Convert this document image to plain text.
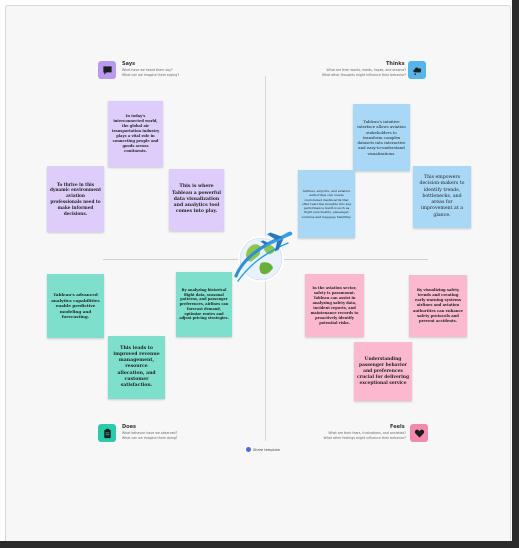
Says
What have we heard them say?
What can we imagine them saying?
Thinks
What are their wants, needs, hopes, and dreams?
What other thoughts might influence their behavior?
Does
What behavior have we observed?
What can we imagine them doing?
Feels
What are their fears, frustrations, and anxieties?
What other feelings might influence their behavior?
In today's interconnected world, the global air transportation industry plays a vital role in connecting people and goods across continents.
To thrive in this dynamic environment aviation professionals need to make informed decisions.
This is where Tableau a powerful data visualization and analytics tool comes into play.
Tableau's intuitive interface allows aviation stakeholders to transform complex datasets into interactive and easy-to-understand visualizations.
Airlines, airports, and aviation authorities can create customized dashboards that offer real-time insights into key performance metrics such as flight punctuality, passenger volumes and baggage handling.
This empowers decision-makers to identify trends, bottlenecks, and areas for improvement at a glance.
Tableau's advanced analytics capabilities enable predictive modeling and forecasting.
By analyzing historical flight data, seasonal patterns, and passenger preferences, airlines can forecast demand, optimize routes and adjust pricing strategies.
This leads to improved revenue management, resource allocation, and customer satisfaction.
In the aviation sector, safety is paramount. Tableau can assist in analyzing safety data, incident reports, and maintenance records to proactively identify potential risks.
By visualizing safety trends and creating early warning systems airlines and aviation authorities can enhance safety protocols and prevent accidents.
Understanding passenger behavior and preferences crucial for delivering exceptional service
Share template
